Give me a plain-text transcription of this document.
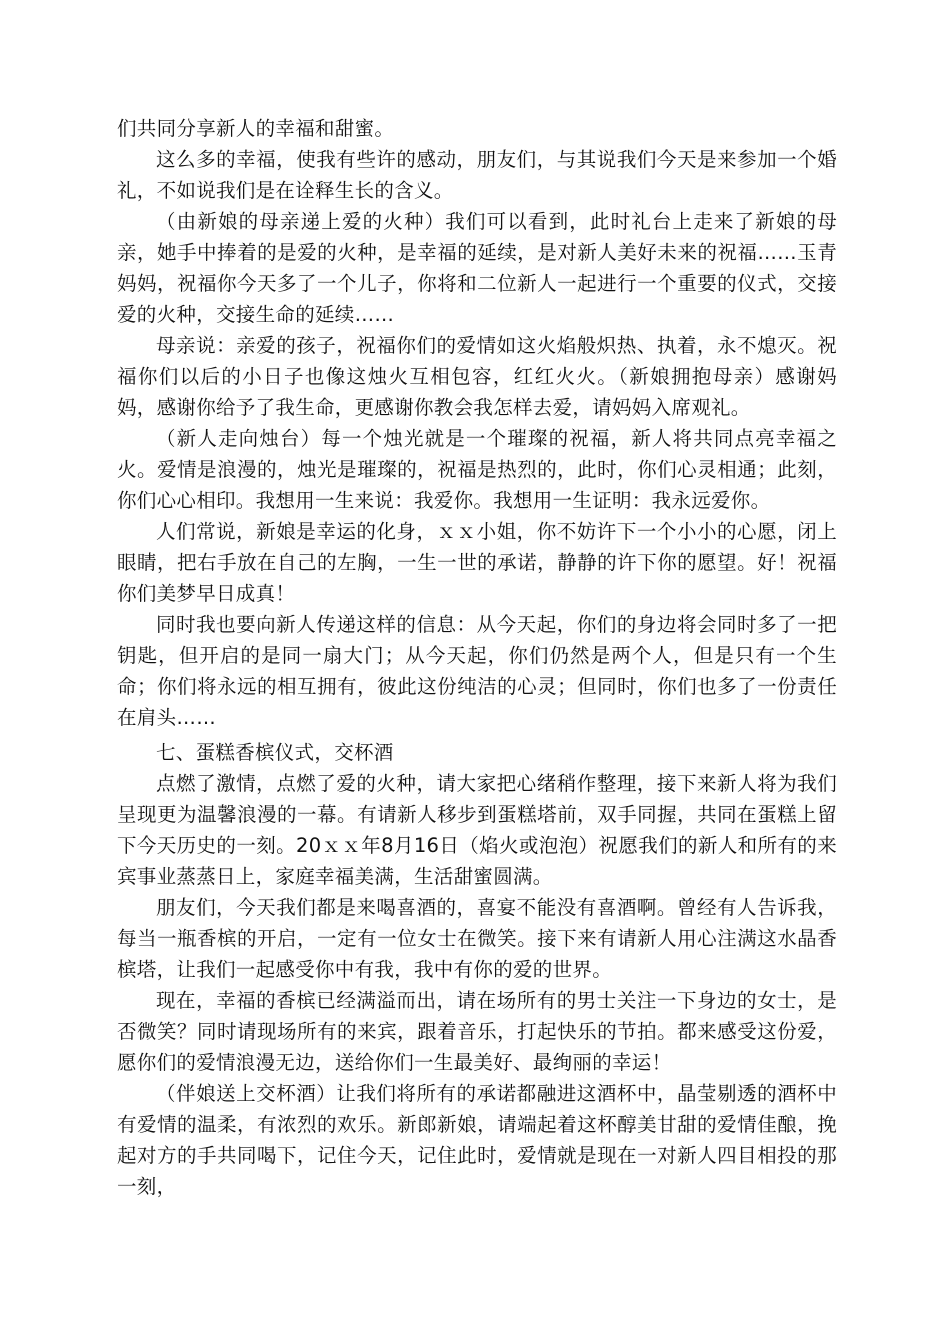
们共同分享新人的幸福和甜蜜。

这么多的幸福，使我有些许的感动，朋友们，与其说我们今天是来参加一个婚礼，不如说我们是在诠释生长的含义。

（由新娘的母亲递上爱的火种）我们可以看到，此时礼台上走来了新娘的母亲，她手中捧着的是爱的火种，是幸福的延续，是对新人美好未来的祝福……玉青妈妈，祝福你今天多了一个儿子，你将和二位新人一起进行一个重要的仪式，交接爱的火种，交接生命的延续……

母亲说：亲爱的孩子，祝福你们的爱情如这火焰般炽热、执着，永不熄灭。祝福你们以后的小日子也像这烛火互相包容，红红火火。（新娘拥抱母亲）感谢妈妈，感谢你给予了我生命，更感谢你教会我怎样去爱，请妈妈入席观礼。

（新人走向烛台）每一个烛光就是一个璀璨的祝福，新人将共同点亮幸福之火。爱情是浪漫的，烛光是璀璨的，祝福是热烈的，此时，你们心灵相通；此刻，你们心心相印。我想用一生来说：我爱你。我想用一生证明：我永远爱你。

人们常说，新娘是幸运的化身，ｘｘ小姐，你不妨许下一个小小的心愿，闭上眼睛，把右手放在自己的左胸，一生一世的承诺，静静的许下你的愿望。好！祝福你们美梦早日成真！

同时我也要向新人传递这样的信息：从今天起，你们的身边将会同时多了一把钥匙，但开启的是同一扇大门；从今天起，你们仍然是两个人，但是只有一个生命；你们将永远的相互拥有，彼此这份纯洁的心灵；但同时，你们也多了一份责任在肩头……

七、蛋糕香槟仪式，交杯酒

点燃了激情，点燃了爱的火种，请大家把心绪稍作整理，接下来新人将为我们呈现更为温馨浪漫的一幕。有请新人移步到蛋糕塔前，双手同握，共同在蛋糕上留下今天历史的一刻。20ｘｘ年8月16日（焰火或泡泡）祝愿我们的新人和所有的来宾事业蒸蒸日上，家庭幸福美满，生活甜蜜圆满。

朋友们，今天我们都是来喝喜酒的，喜宴不能没有喜酒啊。曾经有人告诉我，每当一瓶香槟的开启，一定有一位女士在微笑。接下来有请新人用心注满这水晶香槟塔，让我们一起感受你中有我，我中有你的爱的世界。

现在，幸福的香槟已经满溢而出，请在场所有的男士关注一下身边的女士，是否微笑？同时请现场所有的来宾，跟着音乐，打起快乐的节拍。都来感受这份爱，愿你们的爱情浪漫无边，送给你们一生最美好、最绚丽的幸运！

（伴娘送上交杯酒）让我们将所有的承诺都融进这酒杯中，晶莹剔透的酒杯中有爱情的温柔，有浓烈的欢乐。新郎新娘，请端起着这杯醇美甘甜的爱情佳酿，挽起对方的手共同喝下，记住今天，记住此时，爱情就是现在一对新人四目相投的那一刻，
